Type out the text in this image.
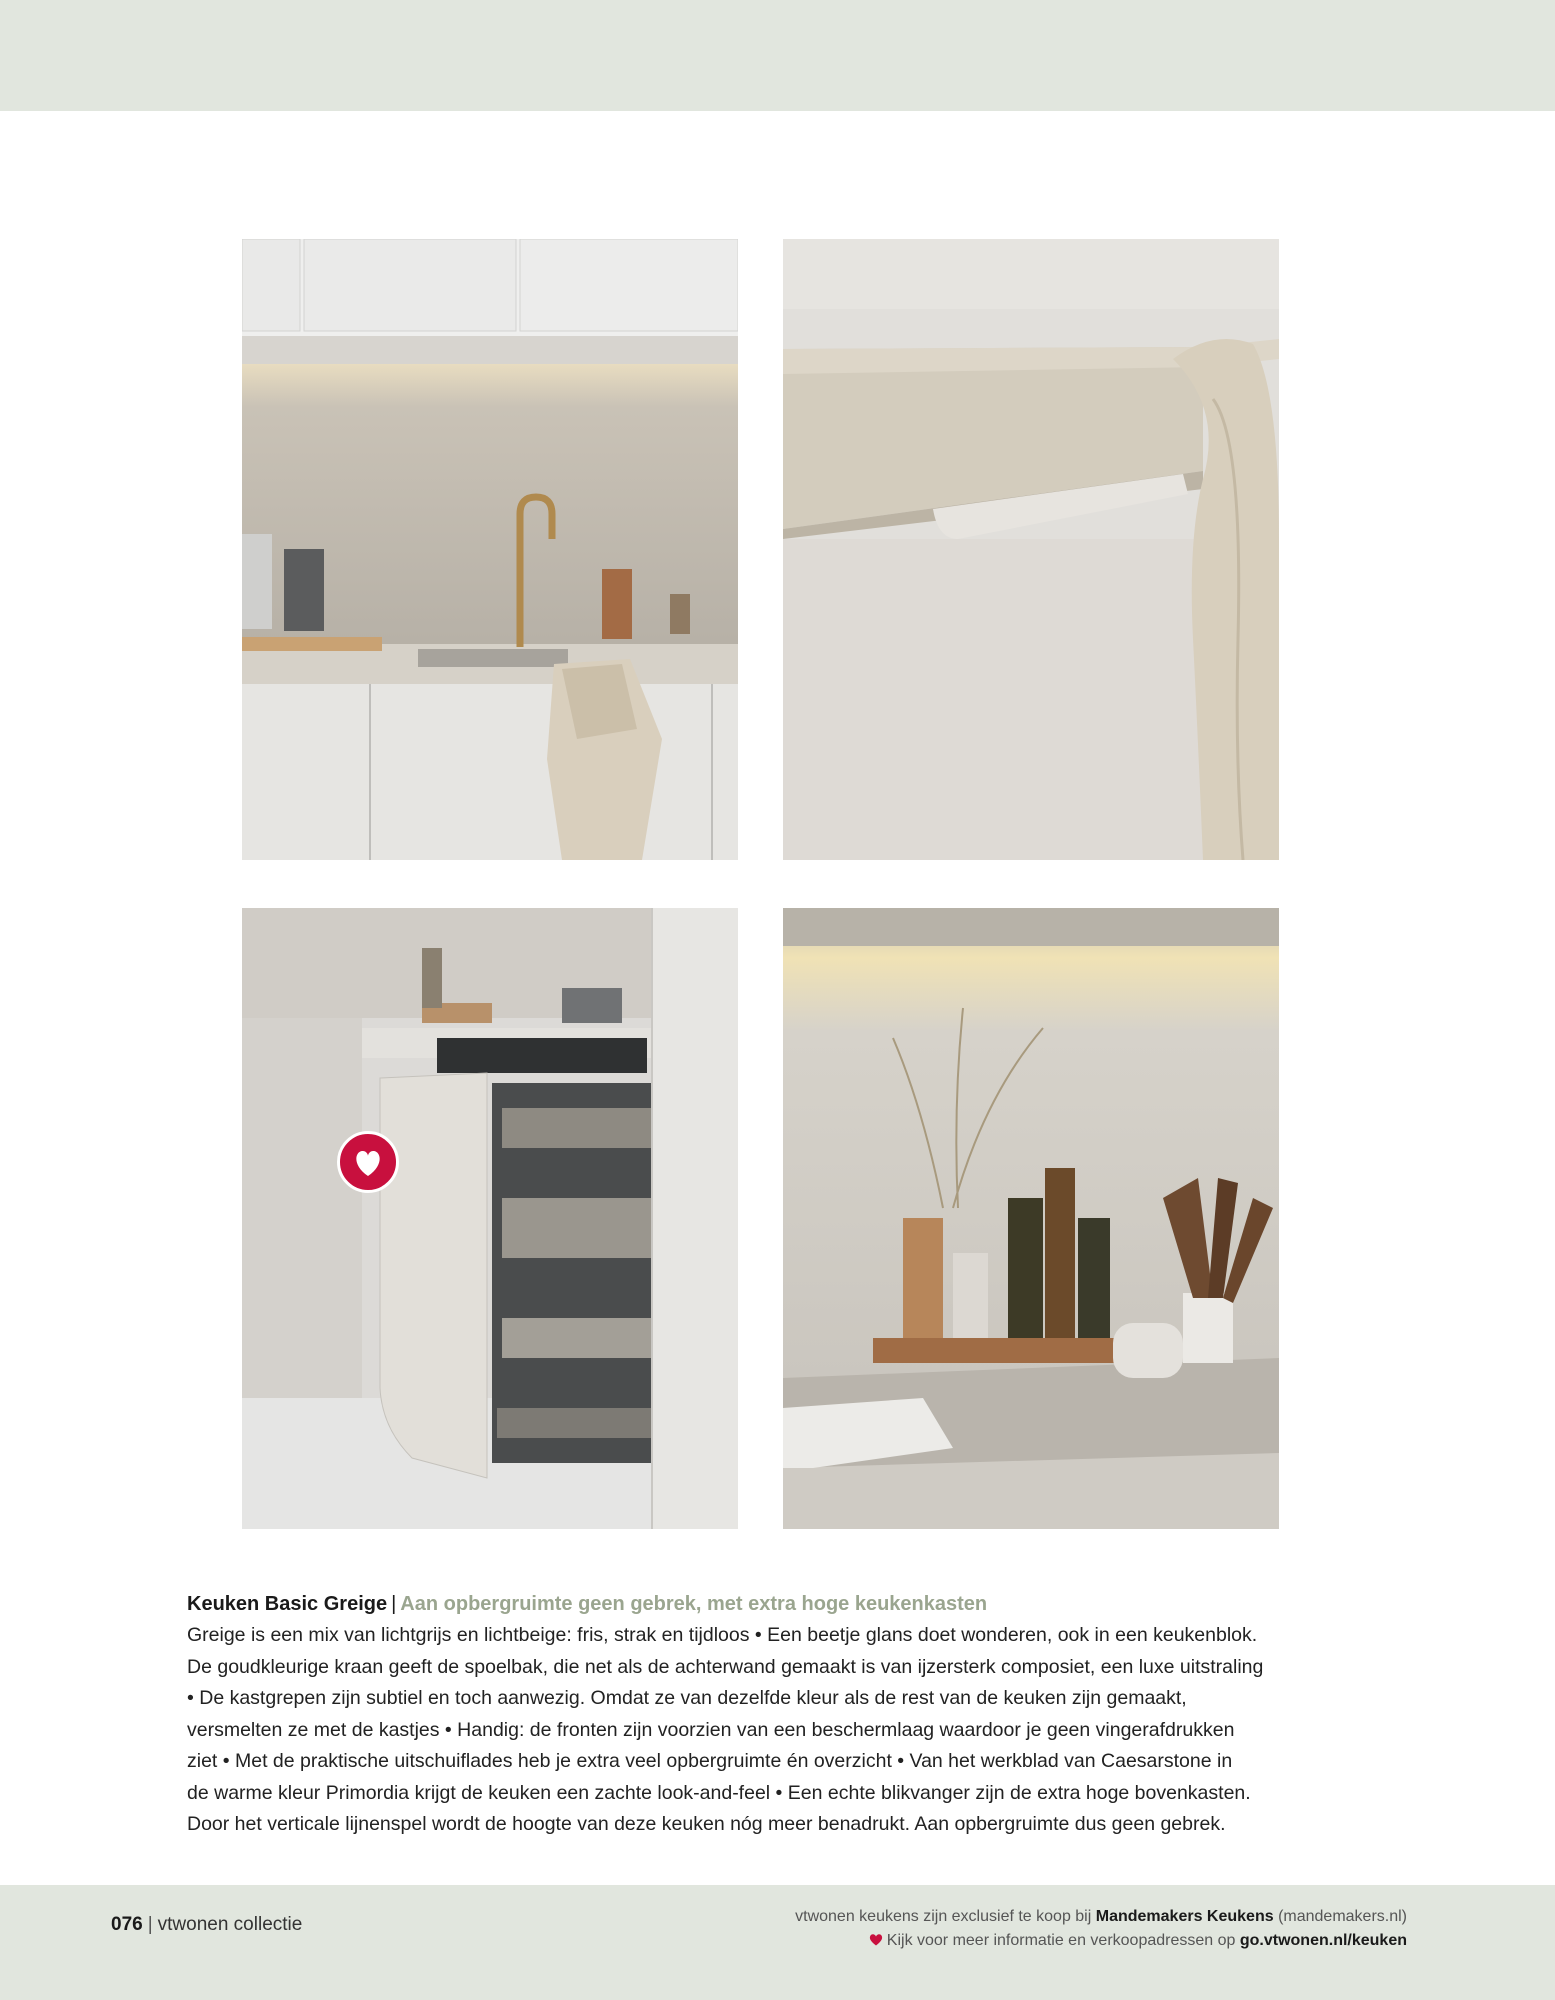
Keuken Basic Greige | Aan opbergruimte geen gebrek, met extra hoge keukenkasten
Greige is een mix van lichtgrijs en lichtbeige: fris, strak en tijdloos • Een beetje glans doet wonderen, ook in een keukenblok.
De goudkleurige kraan geeft de spoelbak, die net als de achterwand gemaakt is van ijzersterk composiet, een luxe uitstraling
• De kastgrepen zijn subtiel en toch aanwezig. Omdat ze van dezelfde kleur als de rest van de keuken zijn gemaakt,
versmelten ze met de kastjes • Handig: de fronten zijn voorzien van een beschermlaag waardoor je geen vingerafdrukken
ziet • Met de praktische uitschuiflades heb je extra veel opbergruimte én overzicht • Van het werkblad van Caesarstone in
de warme kleur Primordia krijgt de keuken een zachte look-and-feel • Een echte blikvanger zijn de extra hoge bovenkasten.
Door het verticale lijnenspel wordt de hoogte van deze keuken nóg meer benadrukt. Aan opbergruimte dus geen gebrek.
076 | vtwonen collectie	vtwonen keukens zijn exclusief te koop bij Mandemakers Keukens (mandemakers.nl)
Kijk voor meer informatie en verkoopadressen op go.vtwonen.nl/keuken
